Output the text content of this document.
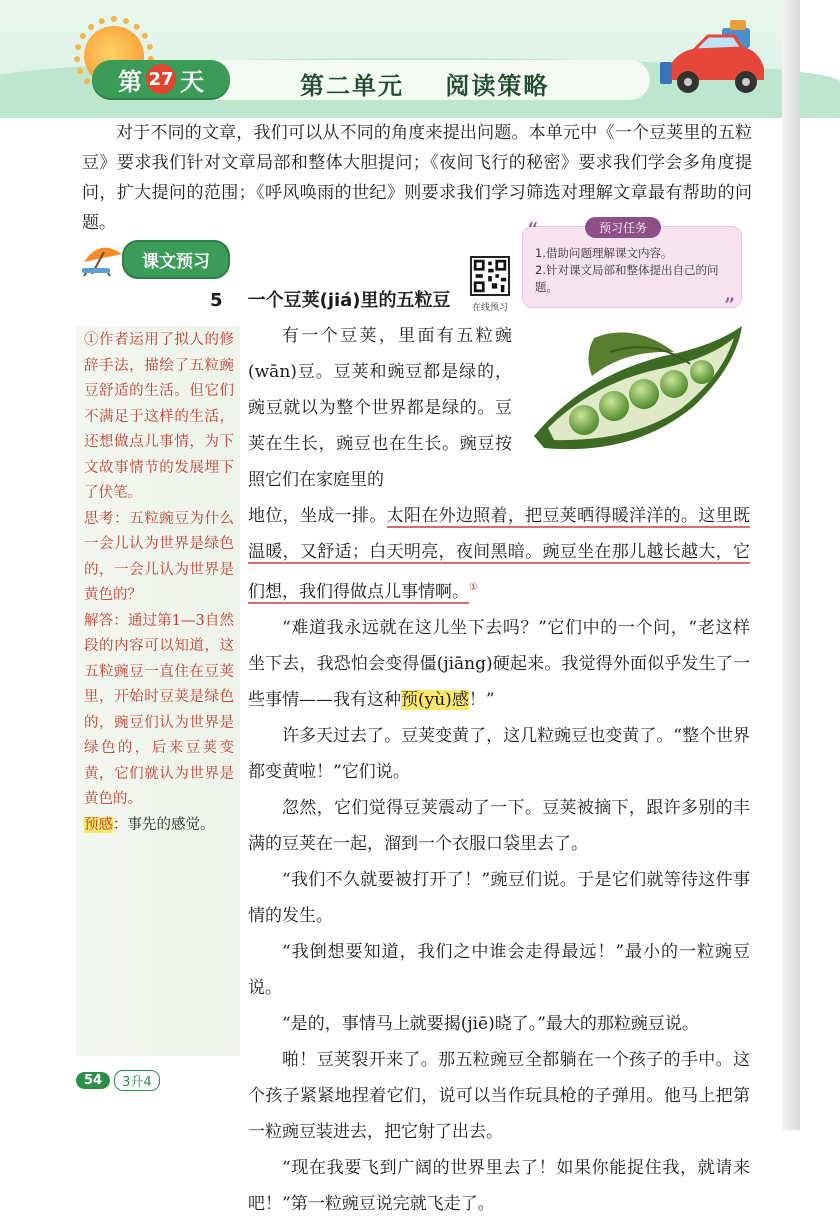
第 27 天	第二单元    阅读策略

对于不同的文章，我们可以从不同的角度来提出问题。本单元中《一个豆荚里的五粒豆》要求我们针对文章局部和整体大胆提问；《夜间飞行的秘密》要求我们学会多角度提问，扩大提问的范围；《呼风唤雨的世纪》则要求我们学习筛选对理解文章最有帮助的问题。

课文预习
在线预习
“	预习任务
1.借助问题理解课文内容。
2.针对课文局部和整体提出自己的问题。
”
5    一个豆荚(jiá)里的五粒豆
①作者运用了拟人的修辞手法，描绘了五粒豌豆舒适的生活。但它们不满足于这样的生活，还想做点儿事情，为下文故事情节的发展埋下了伏笔。
思考：五粒豌豆为什么一会儿认为世界是绿色的，一会儿认为世界是黄色的？
解答：通过第1—3自然段的内容可以知道，这五粒豌豆一直住在豆荚里，开始时豆荚是绿色的，豌豆们认为世界是绿色的，后来豆荚变黄，它们就认为世界是黄色的。
预感：事先的感觉。

有一个豆荚，里面有五粒豌(wān)豆。豆荚和豌豆都是绿的，豌豆就以为整个世界都是绿的。豆荚在生长，豌豆也在生长。豌豆按照它们在家庭里的

地位，坐成一排。太阳在外边照着，把豆荚晒得暖洋洋的。这里既温暖，又舒适；白天明亮，夜间黑暗。豌豆坐在那儿越长越大，它们想，我们得做点儿事情啊。①

“难道我永远就在这儿坐下去吗？”它们中的一个问，“老这样坐下去，我恐怕会变得僵(jiāng)硬起来。我觉得外面似乎发生了一些事情——我有这种预(yù)感！”

许多天过去了。豆荚变黄了，这几粒豌豆也变黄了。“整个世界都变黄啦！”它们说。

忽然，它们觉得豆荚震动了一下。豆荚被摘下，跟许多别的丰满的豆荚在一起，溜到一个衣服口袋里去了。

“我们不久就要被打开了！”豌豆们说。于是它们就等待这件事情的发生。

“我倒想要知道，我们之中谁会走得最远！”最小的一粒豌豆说。

“是的，事情马上就要揭(jiē)晓了。”最大的那粒豌豆说。

啪！豆荚裂开来了。那五粒豌豆全都躺在一个孩子的手中。这个孩子紧紧地捏着它们，说可以当作玩具枪的子弹用。他马上把第一粒豌豆装进去，把它射了出去。

“现在我要飞到广阔的世界里去了！如果你能捉住我，就请来吧！”第一粒豌豆说完就飞走了。

54	3升4
